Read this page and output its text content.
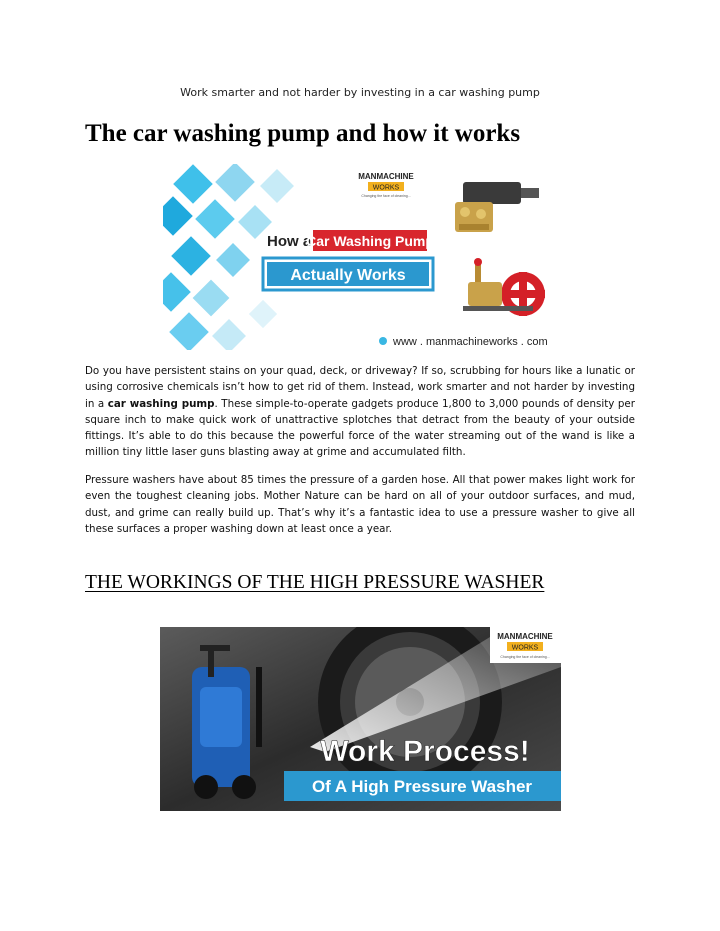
Work smarter and not harder by investing in a car washing pump
The car washing pump and how it works
MANMACHINE
WORKS
Changing the face of cleaning...
How a
Car Washing Pump
Actually Works
www . manmachineworks . com

Do you have persistent stains on your quad, deck, or driveway? If so, scrubbing for hours like a lunatic or using corrosive chemicals isn’t how to get rid of them. Instead, work smarter and not harder by investing in a car washing pump. These simple-to-operate gadgets produce 1,800 to 3,000 pounds of density per square inch to make quick work of unattractive splotches that detract from the beauty of your outside fittings. It’s able to do this because the powerful force of the water streaming out of the wand is like a million tiny little laser guns blasting away at grime and accumulated filth.

Pressure washers have about 85 times the pressure of a garden hose. All that power makes light work for even the toughest cleaning jobs. Mother Nature can be hard on all of your outdoor surfaces, and mud, dust, and grime can really build up. That’s why it’s a fantastic idea to use a pressure washer to give all these surfaces a proper washing down at least once a year.

THE WORKINGS OF THE HIGH PRESSURE WASHER
MANMACHINE
WORKS
Changing the face of cleaning...
Work Process!
Of A High Pressure Washer
